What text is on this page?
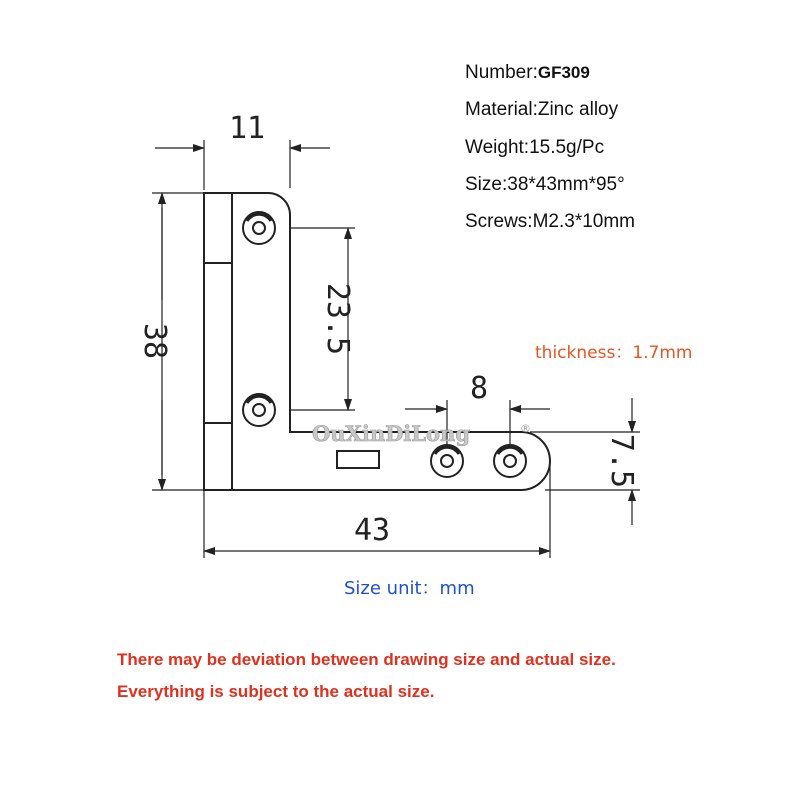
11
38	23.5
8
7.5
43
OuXinDiLong	®
Number:GF309
Material:Zinc alloy
Weight:15.5g/Pc
Size:38*43mm*95°
Screws:M2.3*10mm
thickness：1.7mm
Size unit：mm
There may be deviation between drawing size and actual size.
Everything is subject to the actual size.
